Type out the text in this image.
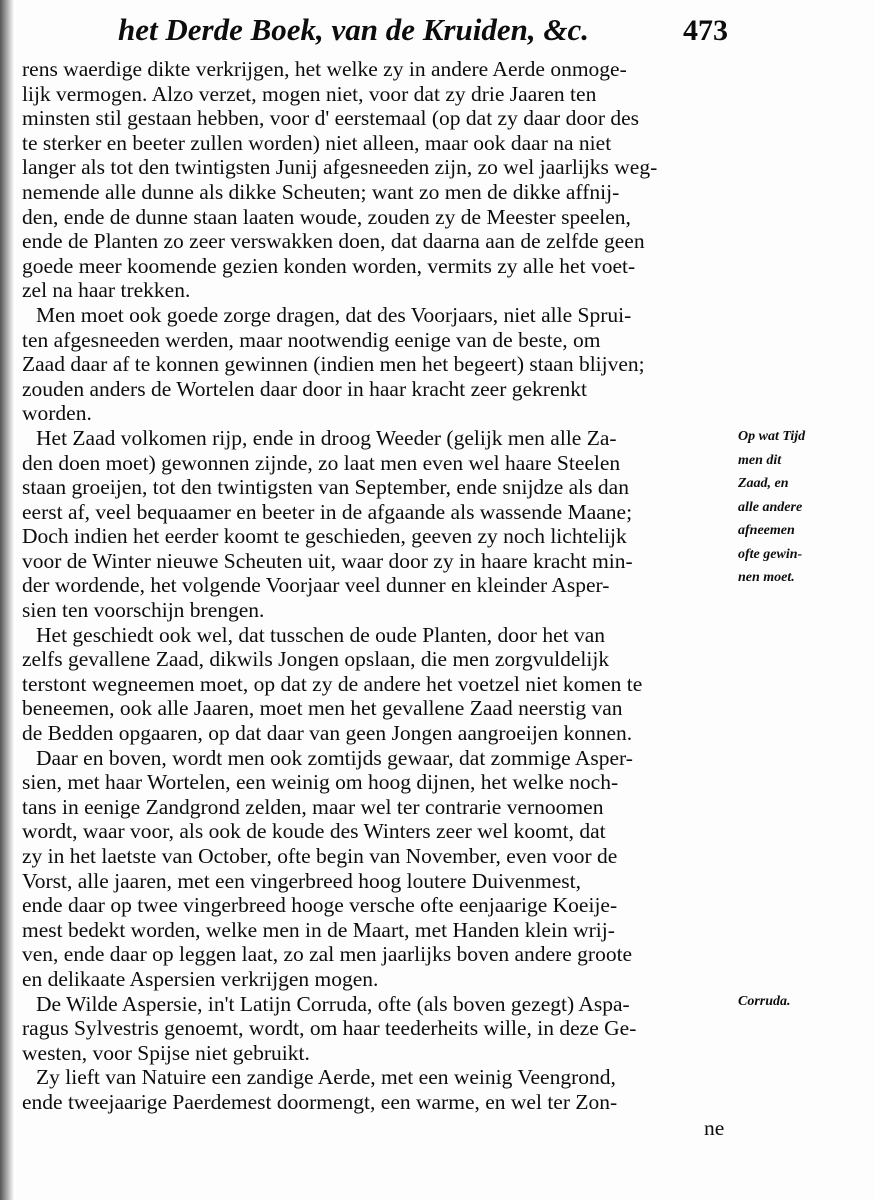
het Derde Boek, van de Kruiden, &c.	473
rens waerdige dikte verkrijgen, het welke zy in andere Aerde onmoge-
lijk vermogen. Alzo verzet, mogen niet, voor dat zy drie Jaaren ten
minsten stil gestaan hebben, voor d' eerstemaal (op dat zy daar door des
te sterker en beeter zullen worden) niet alleen, maar ook daar na niet
langer als tot den twintigsten Junij afgesneeden zijn, zo wel jaarlijks weg-
nemende alle dunne als dikke Scheuten; want zo men de dikke affnij-
den, ende de dunne staan laaten woude, zouden zy de Meester speelen,
ende de Planten zo zeer verswakken doen, dat daarna aan de zelfde geen
goede meer koomende gezien konden worden, vermits zy alle het voet-
zel na haar trekken.
Men moet ook goede zorge dragen, dat des Voorjaars, niet alle Sprui-
ten afgesneeden werden, maar nootwendig eenige van de beste, om
Zaad daar af te konnen gewinnen (indien men het begeert) staan blijven;
zouden anders de Wortelen daar door in haar kracht zeer gekrenkt
worden.
Het Zaad volkomen rijp, ende in droog Weeder (gelijk men alle Za-
den doen moet) gewonnen zijnde, zo laat men even wel haare Steelen
staan groeijen, tot den twintigsten van September, ende snijdze als dan
eerst af, veel bequaamer en beeter in de afgaande als wassende Maane;
Doch indien het eerder koomt te geschieden, geeven zy noch lichtelijk
voor de Winter nieuwe Scheuten uit, waar door zy in haare kracht min-
der wordende, het volgende Voorjaar veel dunner en kleinder Asper-
sien ten voorschijn brengen.
Het geschiedt ook wel, dat tusschen de oude Planten, door het van
zelfs gevallene Zaad, dikwils Jongen opslaan, die men zorgvuldelijk
terstont wegneemen moet, op dat zy de andere het voetzel niet komen te
beneemen, ook alle Jaaren, moet men het gevallene Zaad neerstig van
de Bedden opgaaren, op dat daar van geen Jongen aangroeijen konnen.
Daar en boven, wordt men ook zomtijds gewaar, dat zommige Asper-
sien, met haar Wortelen, een weinig om hoog dijnen, het welke noch-
tans in eenige Zandgrond zelden, maar wel ter contrarie vernoomen
wordt, waar voor, als ook de koude des Winters zeer wel koomt, dat
zy in het laetste van October, ofte begin van November, even voor de
Vorst, alle jaaren, met een vingerbreed hoog loutere Duivenmest,
ende daar op twee vingerbreed hooge versche ofte eenjaarige Koeije-
mest bedekt worden, welke men in de Maart, met Handen klein wrij-
ven, ende daar op leggen laat, zo zal men jaarlijks boven andere groote
en delikaate Aspersien verkrijgen mogen.
De Wilde Aspersie, in't Latijn Corruda, ofte (als boven gezegt) Aspa-
ragus Sylvestris genoemt, wordt, om haar teederheits wille, in deze Ge-
westen, voor Spijse niet gebruikt.
Zy lieft van Natuire een zandige Aerde, met een weinig Veengrond,
ende tweejaarige Paerdemest doormengt, een warme, en wel ter Zon-
Op wat Tijd
men dit
Zaad, en
alle andere
afneemen
ofte gewin-
nen moet.
Corruda.
ne
